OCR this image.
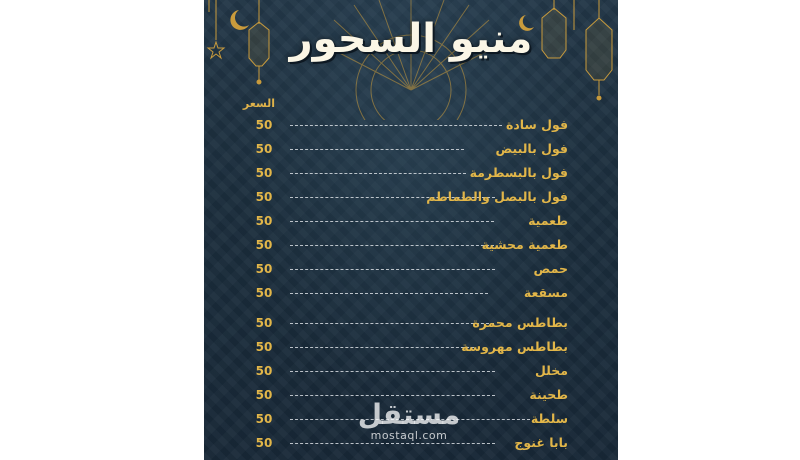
منيو السحور
السعر
50	فول سادة
50	فول بالبيض
50	فول بالبسطرمة
50	فول بالبصل والطماطم
50	طعمية
50	طعمية محشية
50	حمص
50	مسقعة
50	بطاطس محمرة
50	بطاطس مهروسة
50	مخلل
50	طحينة
50	سلطة
50	بابا غنوج
مستقل
mostaql.com
